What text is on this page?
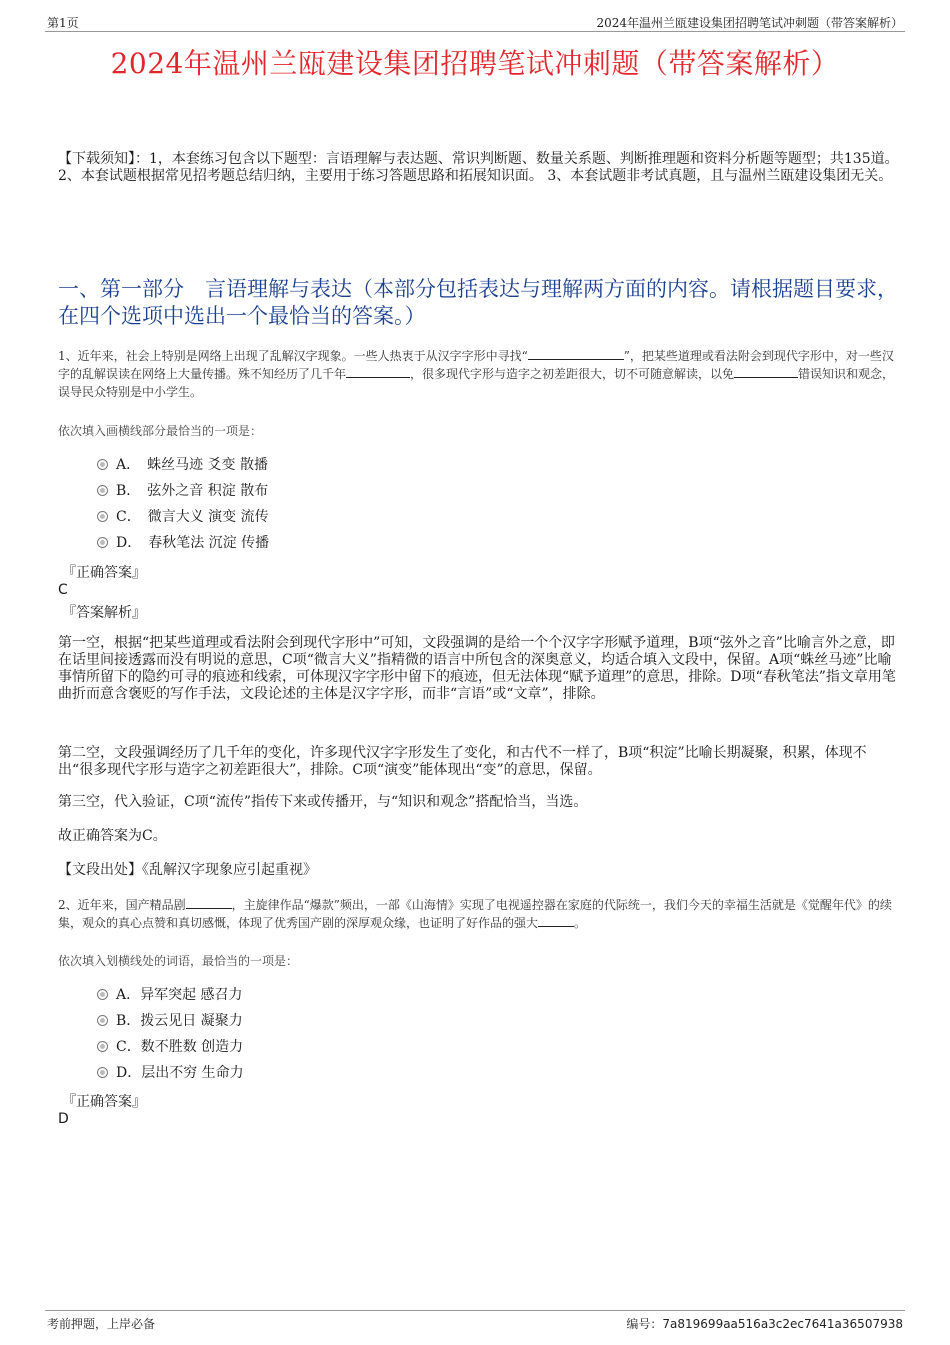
第1页	2024年温州兰瓯建设集团招聘笔试冲刺题（带答案解析）
2024年温州兰瓯建设集团招聘笔试冲刺题（带答案解析）
【下载须知】：1，本套练习包含以下题型：言语理解与表达题、常识判断题、数量关系题、判断推理题和资料分析题等题型；共135道。 2、本套试题根据常见招考题总结归纳，主要用于练习答题思路和拓展知识面。 3、本套试题非考试真题，且与温州兰瓯建设集团无关。
一、第一部分　言语理解与表达（本部分包括表达与理解两方面的内容。请根据题目要求，在四个选项中选出一个最恰当的答案。）
1、近年来，社会上特别是网络上出现了乱解汉字现象。一些人热衷于从汉字字形中寻找“	”，把某些道理或看法附会到现代字形中，对一些汉字的乱解误读在网络上大量传播。殊不知经历了几千年	，很多现代字形与造字之初差距很大，切不可随意解读，以免	错误知识和观念，误导民众特别是中小学生。
依次填入画横线部分最恰当的一项是：
A．　蛛丝马迹 爻变 散播
B．　弦外之音 积淀 散布
C．　微言大义 演变 流传
D．　春秋笔法 沉淀 传播
『正确答案』
C
『答案解析』
第一空，根据“把某些道理或看法附会到现代字形中”可知，文段强调的是给一个个汉字字形赋予道理，B项“弦外之音”比喻言外之意，即在话里间接透露而没有明说的意思，C项“微言大义”指精微的语言中所包含的深奥意义，均适合填入文段中，保留。A项“蛛丝马迹”比喻事情所留下的隐约可寻的痕迹和线索，可体现汉字字形中留下的痕迹，但无法体现“赋予道理”的意思，排除。D项“春秋笔法”指文章用笔曲折而意含褒贬的写作手法，文段论述的主体是汉字字形，而非“言语”或“文章”，排除。
第二空，文段强调经历了几千年的变化，许多现代汉字字形发生了变化，和古代不一样了，B项“积淀”比喻长期凝聚，积累，体现不出“很多现代字形与造字之初差距很大”，排除。C项“演变”能体现出“变”的意思，保留。
第三空，代入验证，C项“流传”指传下来或传播开，与“知识和观念”搭配恰当，当选。
故正确答案为C。
【文段出处】《乱解汉字现象应引起重视》
2、近年来，国产精品剧	，主旋律作品“爆款”频出，一部《山海情》实现了电视遥控器在家庭的代际统一，我们今天的幸福生活就是《觉醒年代》的续集，观众的真心点赞和真切感慨，体现了优秀国产剧的深厚观众缘，也证明了好作品的强大	。
依次填入划横线处的词语，最恰当的一项是：
A．异军突起 感召力
B．拨云见日 凝聚力
C．数不胜数 创造力
D．层出不穷 生命力
『正确答案』
D
考前押题，上岸必备	编号：7a819699aa516a3c2ec7641a36507938
